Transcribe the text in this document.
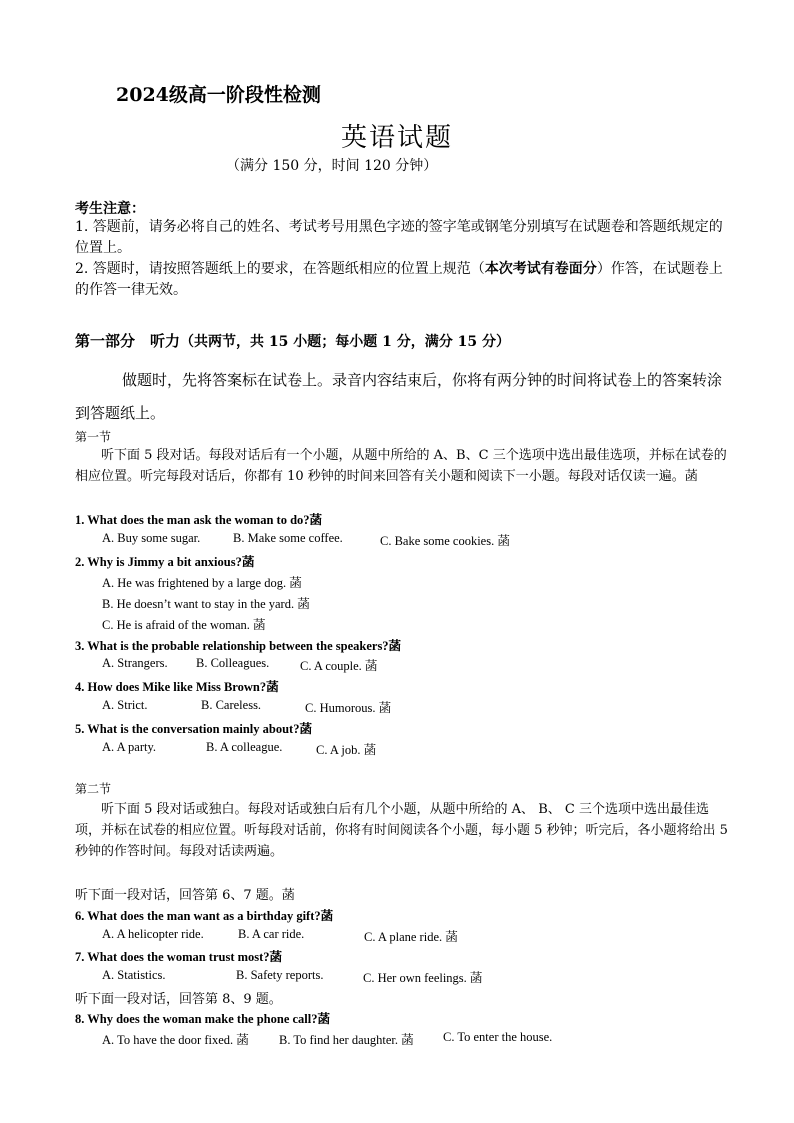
2024级高一阶段性检测
英语试题
（满分 150 分，时间 120 分钟）
考生注意：
1. 答题前，请务必将自己的姓名、考试考号用黑色字迹的签字笔或钢笔分别填写在试题卷和答题纸规定的位置上。
2. 答题时，请按照答题纸上的要求，在答题纸相应的位置上规范（本次考试有卷面分）作答，在试题卷上的作答一律无效。
第一部分　听力（共两节，共 15 小题；每小题 1 分，满分 15 分）
做题时，先将答案标在试卷上。录音内容结束后，你将有两分钟的时间将试卷上的答案转涂到答题纸上。
第一节
听下面 5 段对话。每段对话后有一个小题，从题中所给的 A、B、C 三个选项中选出最佳选项，并标在试卷的相应位置。听完每段对话后，你都有 10 秒钟的时间来回答有关小题和阅读下一小题。每段对话仅读一遍。菡
1. What does the man ask the woman to do?菡
A. Buy some sugar.	B. Make some coffee.	C. Bake some cookies. 菡
2. Why is Jimmy a bit anxious?菡
A. He was frightened by a large dog. 菡
B. He doesn’t want to stay in the yard. 菡
C. He is afraid of the woman. 菡
3. What is the probable relationship between the speakers?菡
A. Strangers. B. Colleagues. C. A couple. 菡
4. How does Mike like Miss Brown?菡
A. Strict.	B. Careless.	C. Humorous. 菡
5. What is the conversation mainly about?菡
A. A party.	B. A colleague.	C. A job. 菡
第二节
听下面 5 段对话或独白。每段对话或独白后有几个小题，从题中所给的 A、 B、 C 三个选项中选出最佳选项，并标在试卷的相应位置。听每段对话前，你将有时间阅读各个小题，每小题 5 秒钟；听完后，各小题将给出 5 秒钟的作答时间。每段对话读两遍。
听下面一段对话，回答第 6、7 题。菡
6. What does the man want as a birthday gift?菡
A. A helicopter ride.	B. A car ride.	C. A plane ride. 菡
7. What does the woman trust most?菡
A. Statistics.	B. Safety reports.	C. Her own feelings. 菡
听下面一段对话，回答第 8、9 题。
8. Why does the woman make the phone call?菡
A. To have the door fixed. 菡 B. To find her daughter. 菡 C. To enter the house.
